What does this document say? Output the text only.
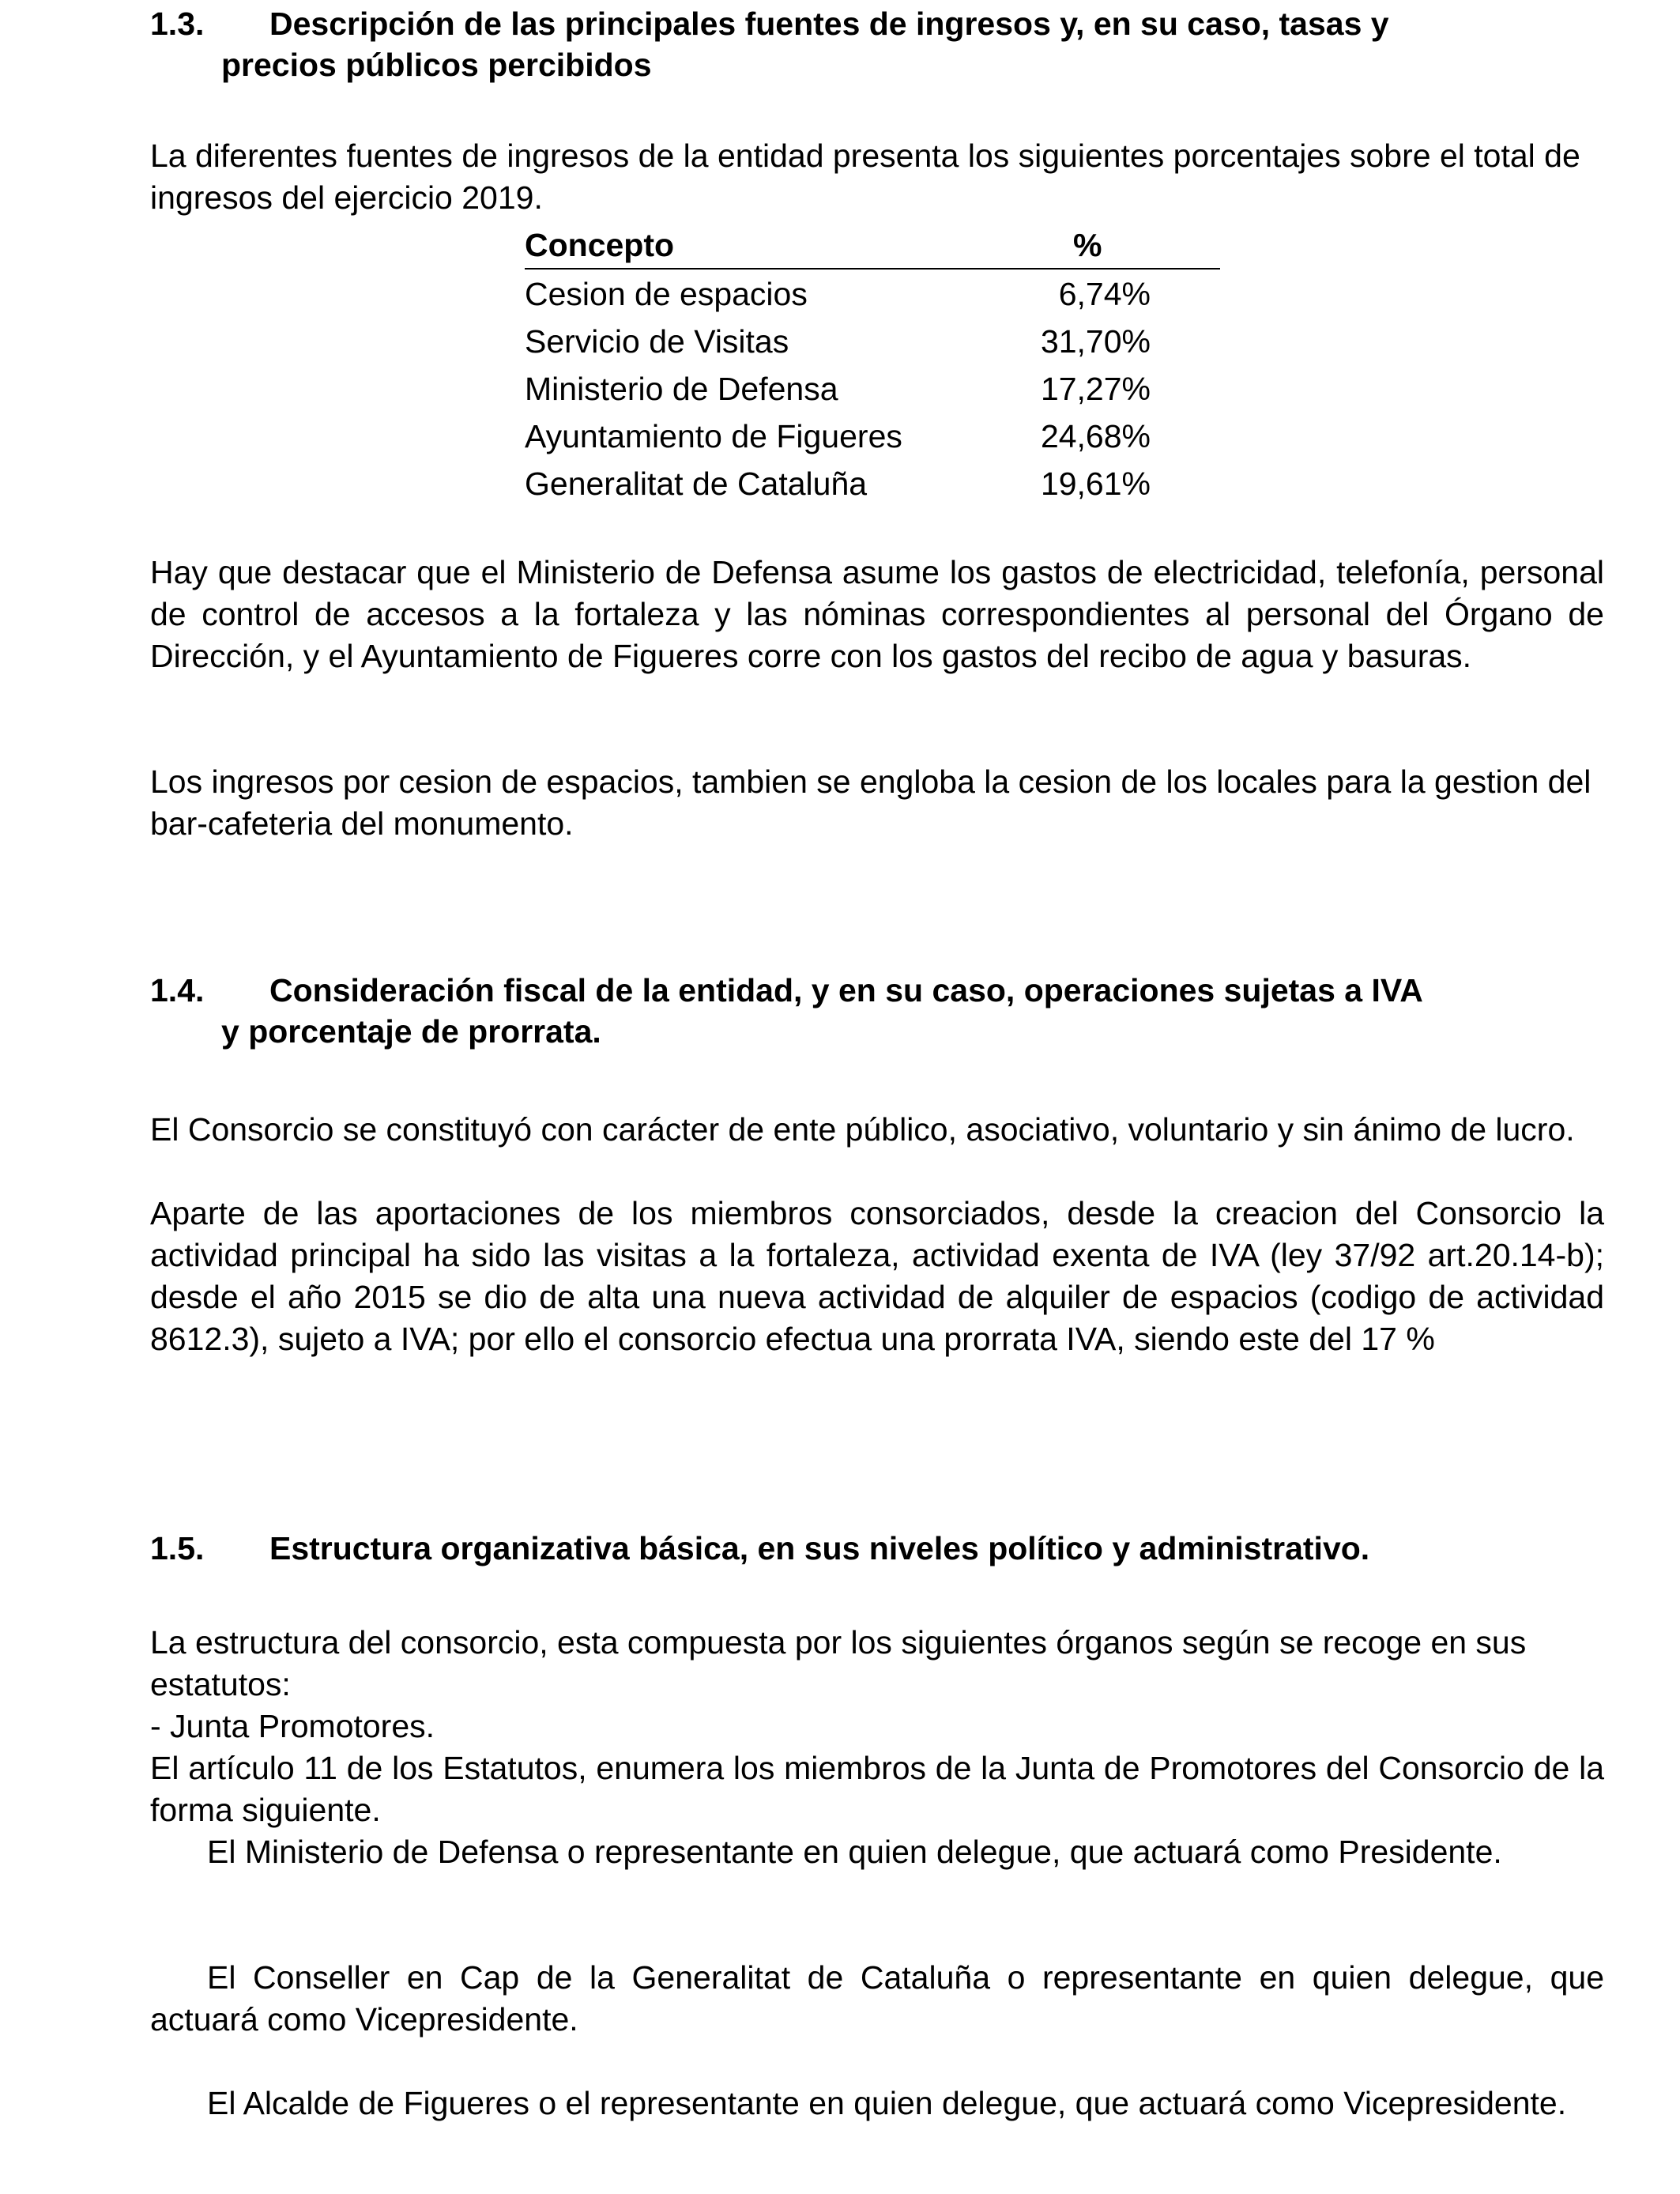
1.3.	Descripción de las principales fuentes de ingresos y, en su caso, tasas y
precios públicos percibidos

La diferentes fuentes de ingresos de la entidad presenta los siguientes porcentajes sobre el total de ingresos del ejercicio 2019.

Concepto	%
Cesion de espacios	6,74%
Servicio de Visitas	31,70%
Ministerio de Defensa	17,27%
Ayuntamiento de Figueres	24,68%
Generalitat de Cataluña	19,61%

Hay que destacar que el Ministerio de Defensa asume los gastos de electricidad, telefonía, personal de control de accesos a la fortaleza y las nóminas correspondientes al personal del Órgano de Dirección, y el Ayuntamiento de Figueres corre con los gastos del recibo de agua y basuras.

Los ingresos por cesion de espacios, tambien se engloba la cesion de los locales para la gestion del bar-cafeteria del monumento.

1.4.	Consideración fiscal de la entidad, y en su caso, operaciones sujetas a IVA
y porcentaje de prorrata.

El Consorcio se constituyó con carácter de ente público, asociativo, voluntario y sin ánimo de lucro.

Aparte de las aportaciones de los miembros consorciados, desde la creacion del Consorcio la actividad principal ha sido las visitas a la fortaleza, actividad exenta de IVA (ley 37/92 art.20.14-b); desde el año 2015 se dio de alta una nueva actividad de alquiler de espacios (codigo de actividad 8612.3), sujeto a IVA; por ello el consorcio efectua una prorrata IVA, siendo este del 17 %

1.5.	Estructura organizativa básica, en sus niveles político y administrativo.

La estructura del consorcio, esta compuesta por los siguientes órganos según se recoge en sus estatutos:

- Junta Promotores.

El artículo 11 de los Estatutos, enumera los miembros de la Junta de Promotores del Consorcio de la forma siguiente.

El Ministerio de Defensa o representante en quien delegue, que actuará como Presidente.

El Conseller en Cap de la Generalitat de Cataluña o representante en quien delegue, que actuará como Vicepresidente.

El Alcalde de Figueres o el representante en quien delegue, que actuará como Vicepresidente.
